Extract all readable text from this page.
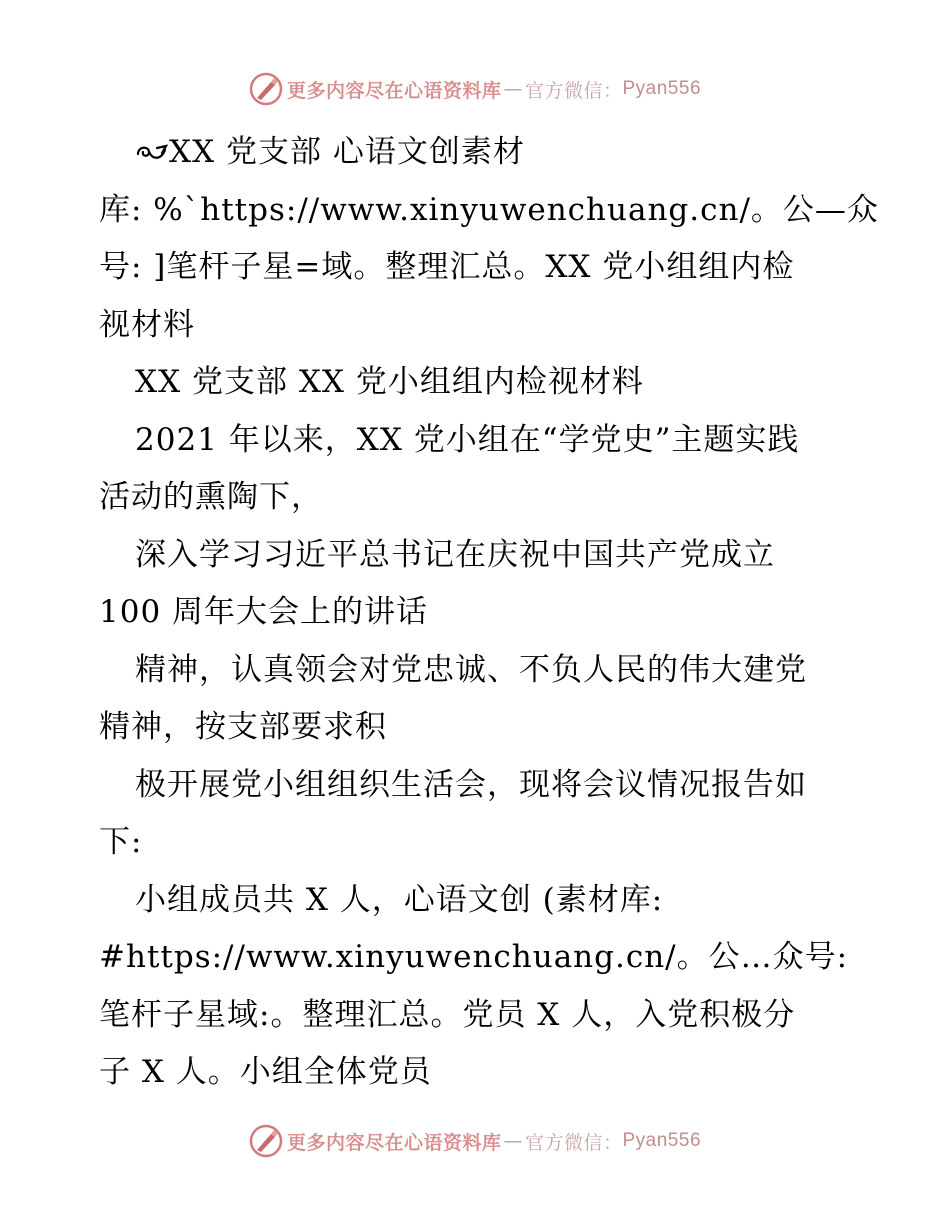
更多内容尽在心语资料库 — 官方微信： Pyan556
XX 党支部 心语文创素材
库: %`https://www.xinyuwenchuang.cn/。公—众
号: ]笔杆子星=域。整理汇总。XX 党小组组内检
视材料
XX 党支部 XX 党小组组内检视材料
2021 年以来，XX 党小组在“学党史”主题实践
活动的熏陶下，
深入学习习近平总书记在庆祝中国共产党成立
100 周年大会上的讲话
精神，认真领会对党忠诚、不负人民的伟大建党
精神，按支部要求积
极开展党小组组织生活会，现将会议情况报告如
下:
小组成员共 X 人，心语文创 (素材库:
#https://www.xinyuwenchuang.cn/。公…众号:
笔杆子星域:。整理汇总。党员 X 人，入党积极分
子 X 人。小组全体党员
更多内容尽在心语资料库 — 官方微信： Pyan556
